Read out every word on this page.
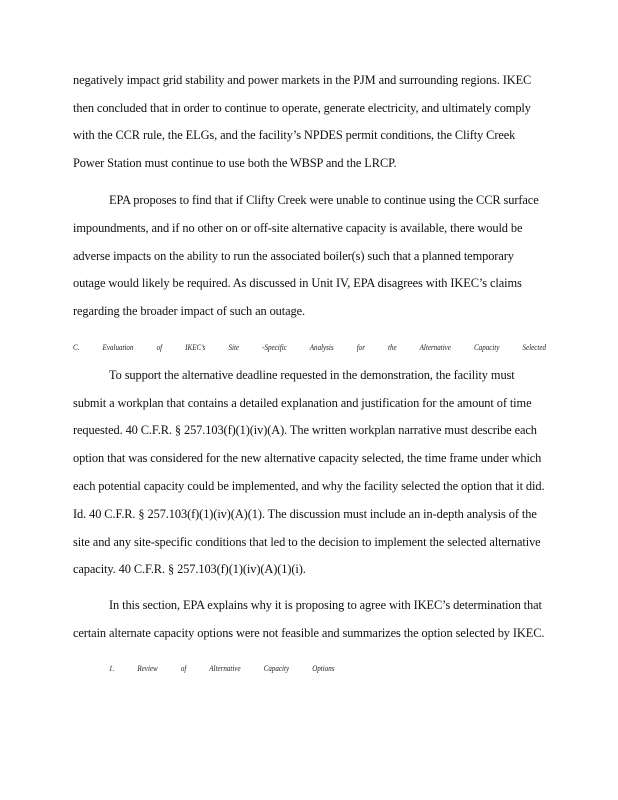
negatively impact grid stability and power markets in the PJM and surrounding regions. IKEC
then concluded that in order to continue to operate, generate electricity, and ultimately comply
with the CCR rule, the ELGs, and the facility’s NPDES permit conditions, the Clifty Creek
Power Station must continue to use both the WBSP and the LRCP.
EPA proposes to find that if Clifty Creek were unable to continue using the CCR surface
impoundments, and if no other on or off-site alternative capacity is available, there would be
adverse impacts on the ability to run the associated boiler(s) such that a planned temporary
outage would likely be required. As discussed in Unit IV, EPA disagrees with IKEC’s claims
regarding the broader impact of such an outage.
C.	Evaluation	of	IKEC’s	Site	-Specific	Analysis	for	the	Alternative	Capacity	Selected
To support the alternative deadline requested in the demonstration, the facility must
submit a workplan that contains a detailed explanation and justification for the amount of time
requested. 40 C.F.R. § 257.103(f)(1)(iv)(A). The written workplan narrative must describe each
option that was considered for the new alternative capacity selected, the time frame under which
each potential capacity could be implemented, and why the facility selected the option that it did.
Id. 40 C.F.R. § 257.103(f)(1)(iv)(A)(1). The discussion must include an in-depth analysis of the
site and any site-specific conditions that led to the decision to implement the selected alternative
capacity. 40 C.F.R. § 257.103(f)(1)(iv)(A)(1)(i).
In this section, EPA explains why it is proposing to agree with IKEC’s determination that
certain alternate capacity options were not feasible and summarizes the option selected by IKEC.
1.	Review	of	Alternative	Capacity	Options
